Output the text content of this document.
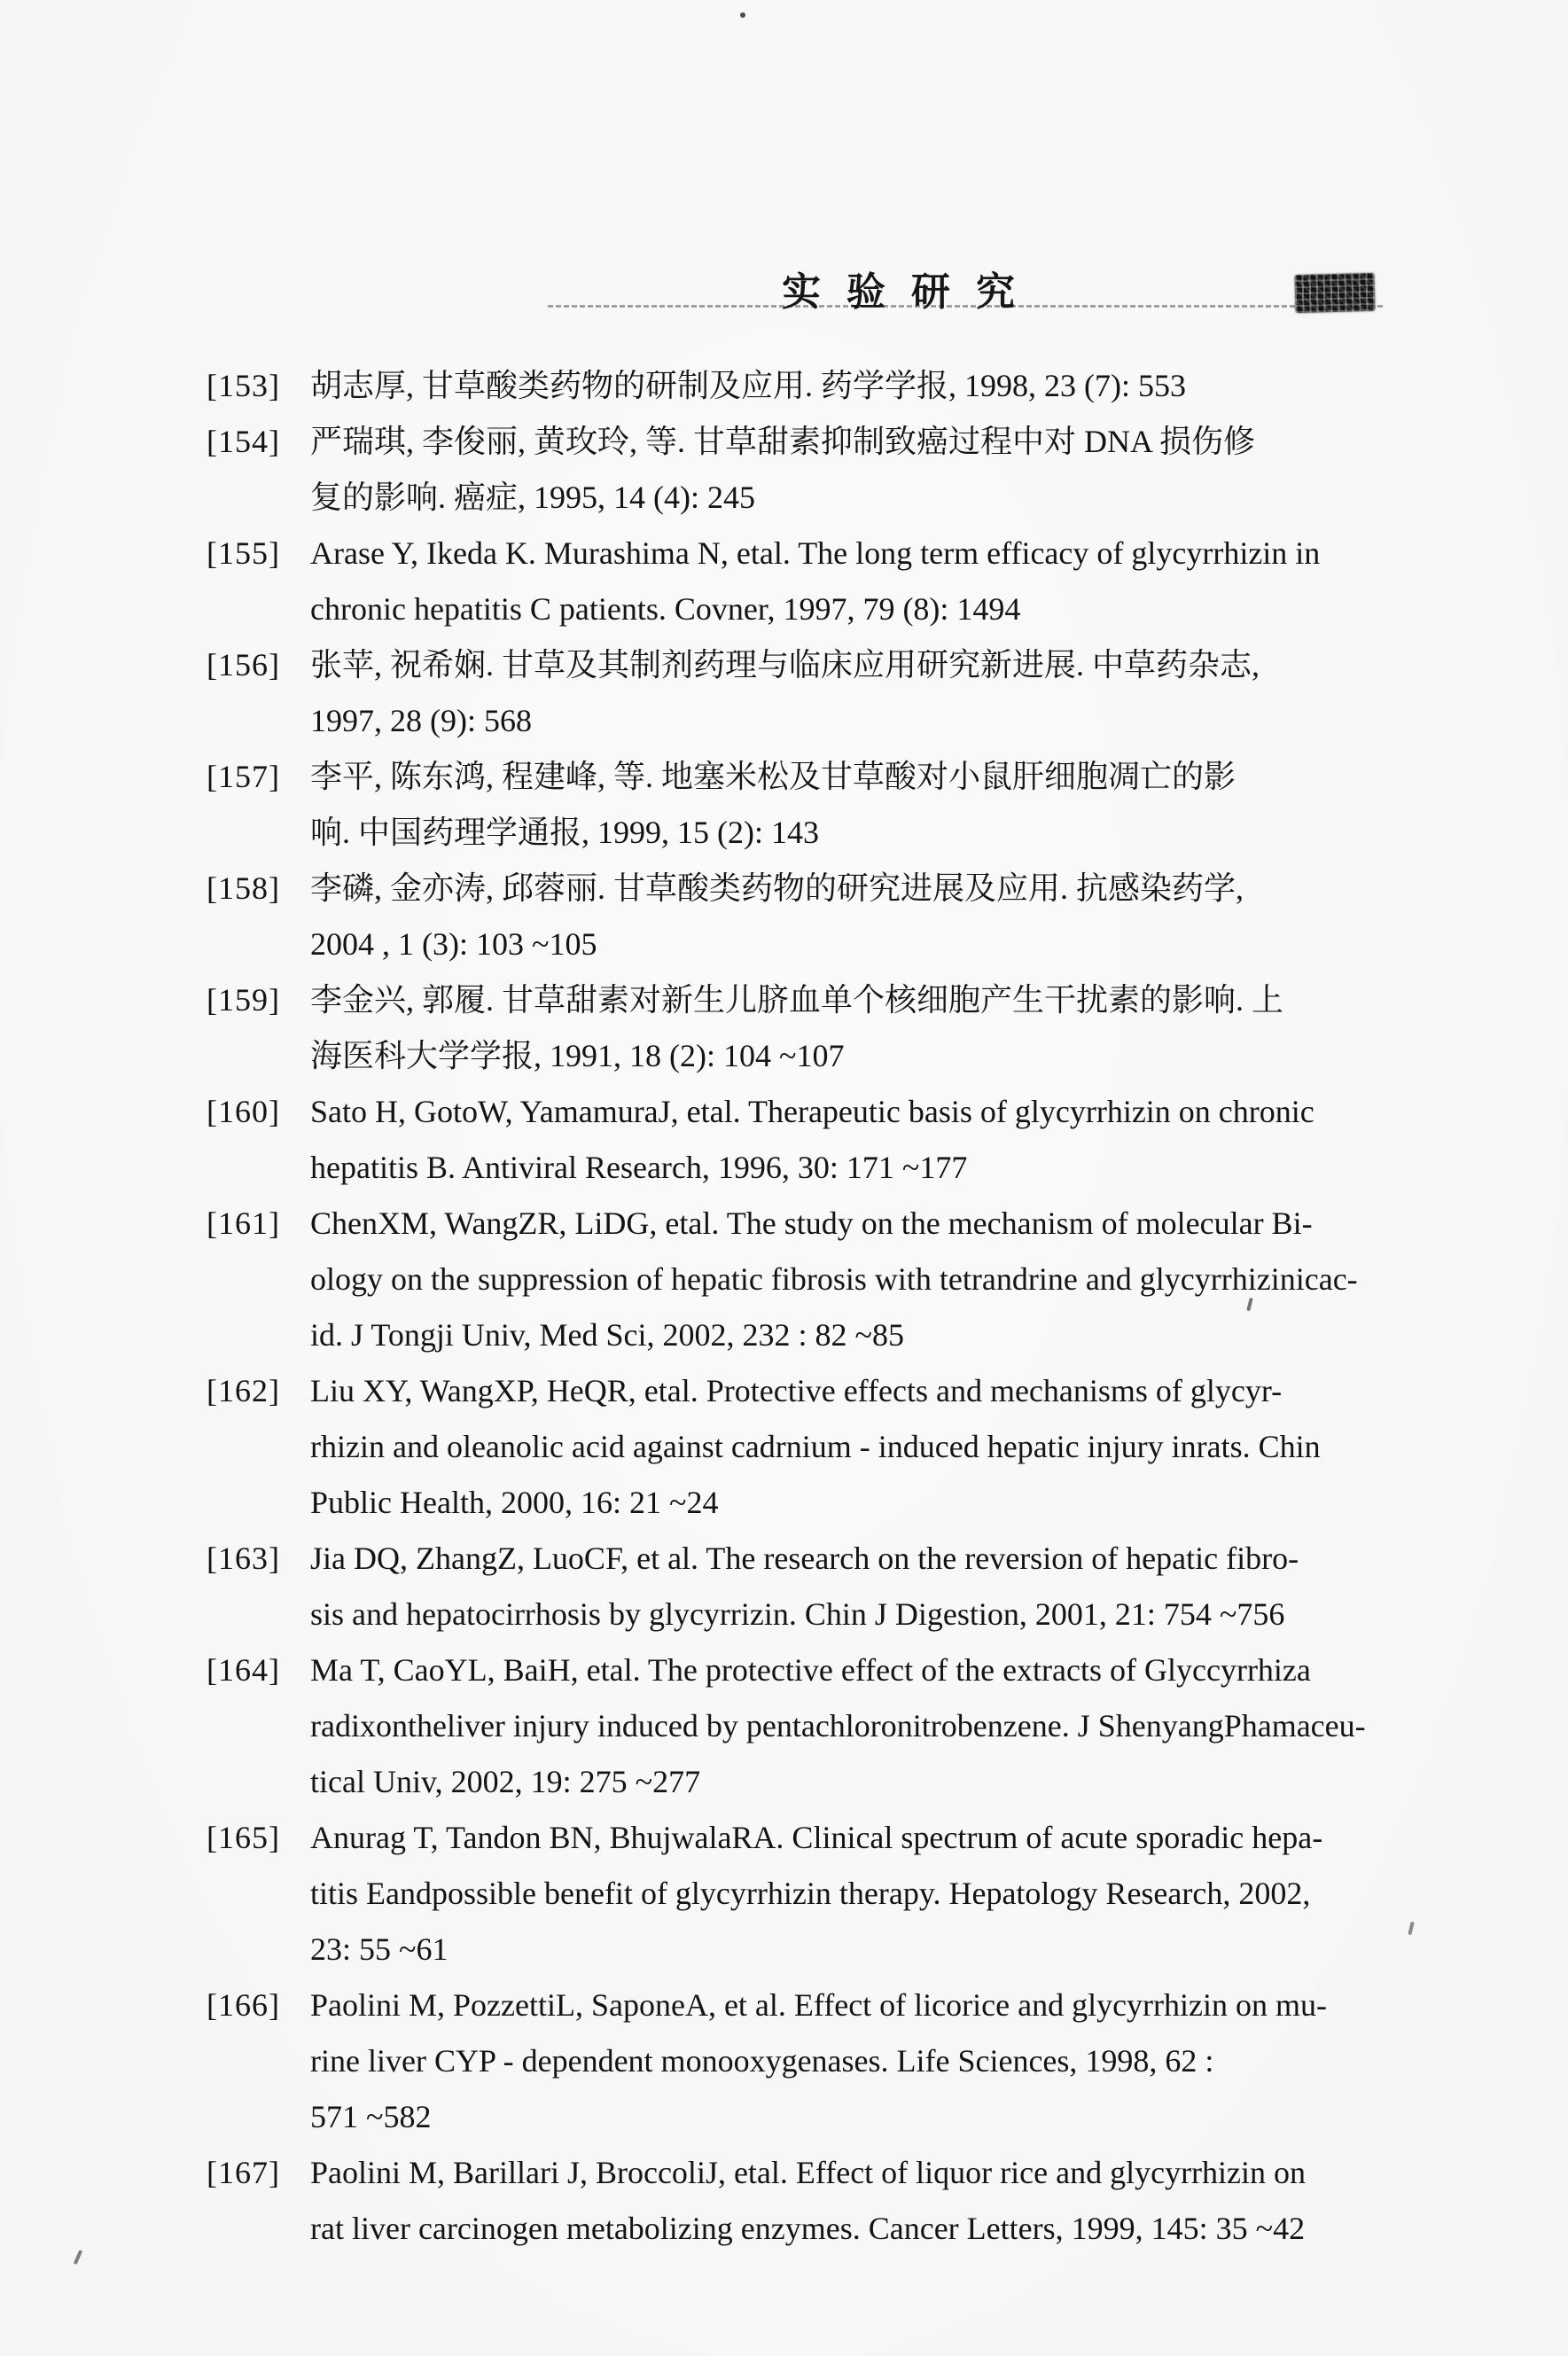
实 验 研 究
[153] 胡志厚, 甘草酸类药物的研制及应用. 药学学报, 1998, 23 (7): 553
[154] 严瑞琪, 李俊丽, 黄玫玲, 等. 甘草甜素抑制致癌过程中对 DNA 损伤修
复的影响. 癌症, 1995, 14 (4): 245
[155] Arase Y, Ikeda K. Murashima N, etal. The long term efficacy of glycyrrhizin in
chronic hepatitis C patients. Covner, 1997, 79 (8): 1494
[156] 张苹, 祝希娴. 甘草及其制剂药理与临床应用研究新进展. 中草药杂志,
1997, 28 (9): 568
[157] 李平, 陈东鸿, 程建峰, 等. 地塞米松及甘草酸对小鼠肝细胞凋亡的影
响. 中国药理学通报, 1999, 15 (2): 143
[158] 李磷, 金亦涛, 邱蓉丽. 甘草酸类药物的研究进展及应用. 抗感染药学,
2004 , 1 (3): 103 ~105
[159] 李金兴, 郭履. 甘草甜素对新生儿脐血单个核细胞产生干扰素的影响. 上
海医科大学学报, 1991, 18 (2): 104 ~107
[160] Sato H, GotoW, YamamuraJ, etal. Therapeutic basis of glycyrrhizin on chronic
hepatitis B. Antiviral Research, 1996, 30: 171 ~177
[161] ChenXM, WangZR, LiDG, etal. The study on the mechanism of molecular Bi-
ology on the suppression of hepatic fibrosis with tetrandrine and glycyrrhizinicac-
id. J Tongji Univ, Med Sci, 2002, 232 : 82 ~85
[162] Liu XY, WangXP, HeQR, etal. Protective effects and mechanisms of glycyr-
rhizin and oleanolic acid against cadrnium - induced hepatic injury inrats. Chin
Public Health, 2000, 16: 21 ~24
[163] Jia DQ, ZhangZ, LuoCF, et al. The research on the reversion of hepatic fibro-
sis and hepatocirrhosis by glycyrrizin. Chin J Digestion, 2001, 21: 754 ~756
[164] Ma T, CaoYL, BaiH, etal. The protective effect of the extracts of Glyccyrrhiza
radixontheliver injury induced by pentachloronitrobenzene. J ShenyangPhamaceu-
tical Univ, 2002, 19: 275 ~277
[165] Anurag T, Tandon BN, BhujwalaRA. Clinical spectrum of acute sporadic hepa-
titis Eandpossible benefit of glycyrrhizin therapy. Hepatology Research, 2002,
23: 55 ~61
[166] Paolini M, PozzettiL, SaponeA, et al. Effect of licorice and glycyrrhizin on mu-
rine liver CYP - dependent monooxygenases. Life Sciences, 1998, 62 :
571 ~582
[167] Paolini M, Barillari J, BroccoliJ, etal. Effect of liquor rice and glycyrrhizin on
rat liver carcinogen metabolizing enzymes. Cancer Letters, 1999, 145: 35 ~42
